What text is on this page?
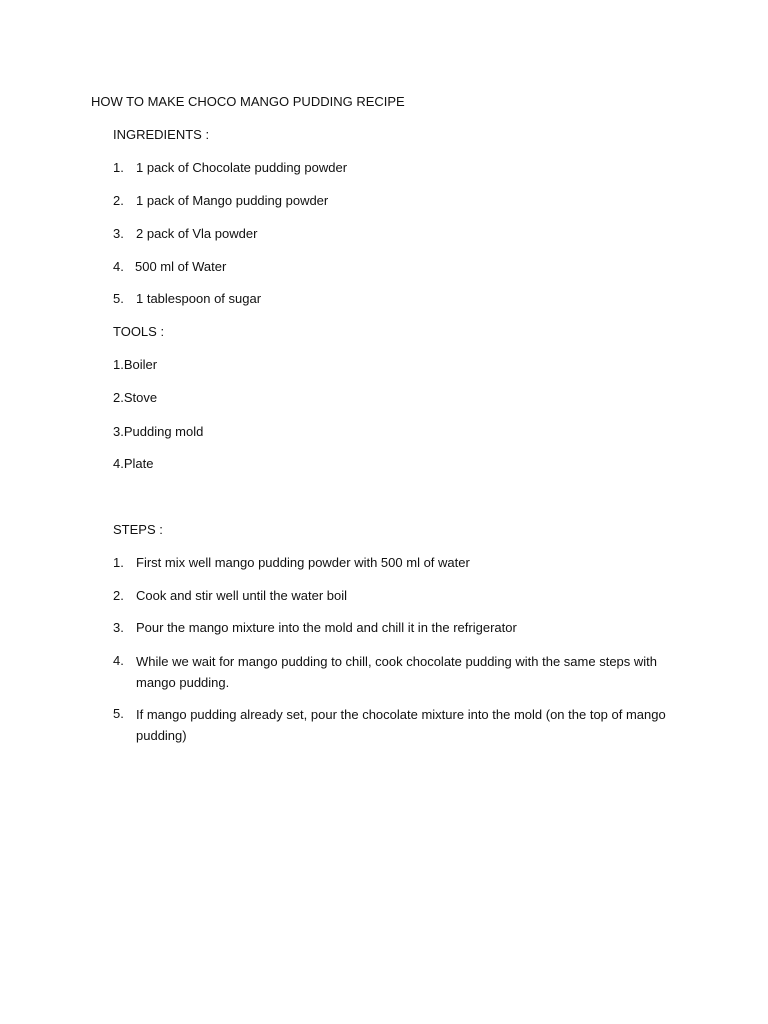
HOW TO MAKE CHOCO MANGO PUDDING RECIPE
INGREDIENTS :
1. 1 pack of Chocolate pudding powder
2. 1 pack of Mango pudding powder
3. 2 pack of Vla powder
4. 500 ml of Water
5. 1 tablespoon of sugar
TOOLS :
1.Boiler
2.Stove
3.Pudding mold
4.Plate
STEPS :
1. First mix well mango pudding powder with 500 ml of water
2. Cook and stir well until the water boil
3. Pour the mango mixture into the mold and chill it in the refrigerator
4. While we wait for mango pudding to chill, cook chocolate pudding with the same steps with mango pudding.
5. If mango pudding already set, pour the chocolate mixture into the mold (on the top of mango pudding)
